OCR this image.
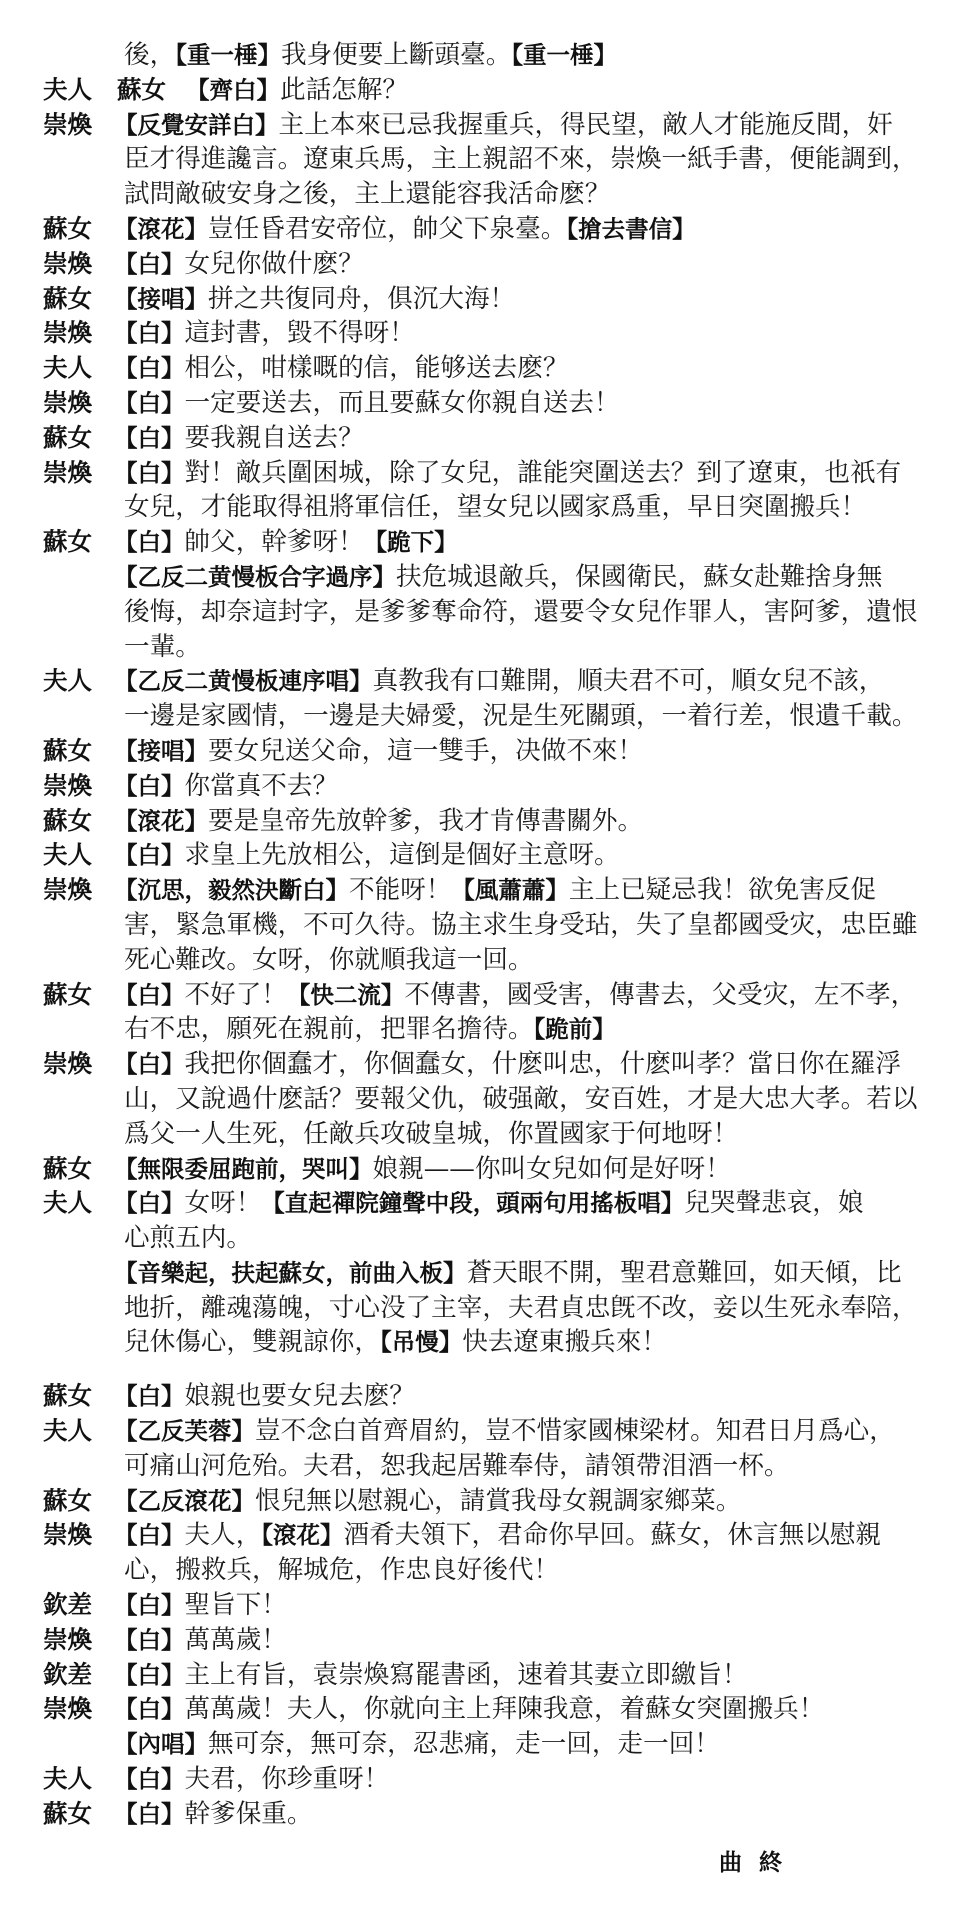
後，【重一棰】我身便要上斷頭臺。【重一棰】
夫人 蘇女 【齊白】此話怎解？
崇煥 【反覺安詳白】主上本來已忌我握重兵，得民望，敵人才能施反間，奸
臣才得進讒言。遼東兵馬，主上親詔不來，崇煥一紙手書，便能調到，
試問敵破安身之後，主上還能容我活命麽？
蘇女 【滾花】豈任昏君安帝位，帥父下泉臺。【搶去書信】
崇煥 【白】女兒你做什麽？
蘇女 【接唱】拼之共復同舟，俱沉大海！
崇煥 【白】這封書，毀不得呀！
夫人 【白】相公，咁樣嘅的信，能够送去麽？
崇煥 【白】一定要送去，而且要蘇女你親自送去！
蘇女 【白】要我親自送去？
崇煥 【白】對！敵兵圍困城，除了女兒，誰能突圍送去？到了遼東，也祇有
女兒，才能取得祖將軍信任，望女兒以國家爲重，早日突圍搬兵！
蘇女 【白】帥父，幹爹呀！【跪下】
【乙反二黄慢板合字過序】扶危城退敵兵，保國衛民，蘇女赴難捨身無
後悔，却奈這封字，是爹爹奪命符，還要令女兒作罪人，害阿爹，遺恨
一輩。
夫人 【乙反二黄慢板連序唱】真教我有口難開，順夫君不可，順女兒不該，
一邊是家國情，一邊是夫婦愛，況是生死關頭，一着行差，恨遺千載。
蘇女 【接唱】要女兒送父命，這一雙手，决做不來！
崇煥 【白】你當真不去？
蘇女 【滾花】要是皇帝先放幹爹，我才肯傳書關外。
夫人 【白】求皇上先放相公，這倒是個好主意呀。
崇煥 【沉思，毅然決斷白】不能呀！【風蕭蕭】主上已疑忌我！欲免害反促
害，緊急軍機，不可久待。協主求生身受玷，失了皇都國受灾，忠臣雖
死心難改。女呀，你就順我這一回。
蘇女 【白】不好了！【快二流】不傳書，國受害，傳書去，父受灾，左不孝，
右不忠，願死在親前，把罪名擔待。【跪前】
崇煥 【白】我把你個蠢才，你個蠢女，什麽叫忠，什麽叫孝？當日你在羅浮
山，又說過什麽話？要報父仇，破强敵，安百姓，才是大忠大孝。若以
爲父一人生死，任敵兵攻破皇城，你置國家于何地呀！
蘇女 【無限委屈跑前，哭叫】娘親——你叫女兒如何是好呀！
夫人 【白】女呀！【直起禪院鐘聲中段，頭兩句用搖板唱】兒哭聲悲哀，娘
心煎五内。
【音樂起，扶起蘇女，前曲入板】蒼天眼不開，聖君意難回，如天傾，比
地折，離魂蕩魄，寸心没了主宰，夫君貞忠旣不改，妾以生死永奉陪，
兒休傷心，雙親諒你，【吊慢】快去遼東搬兵來！
蘇女 【白】娘親也要女兒去麽？
夫人 【乙反芙蓉】豈不念白首齊眉約，豈不惜家國棟梁材。知君日月爲心，
可痛山河危殆。夫君，恕我起居難奉侍，請領帶泪酒一杯。
蘇女 【乙反滾花】恨兒無以慰親心，請賞我母女親調家鄉菜。
崇煥 【白】夫人，【滾花】酒肴夫領下，君命你早回。蘇女，休言無以慰親
心，搬救兵，解城危，作忠良好後代！
欽差 【白】聖旨下！
崇煥 【白】萬萬歲！
欽差 【白】主上有旨，袁崇煥寫罷書函，速着其妻立即繳旨！
崇煥 【白】萬萬歲！夫人，你就向主上拜陳我意，着蘇女突圍搬兵！
【內唱】無可奈，無可奈，忍悲痛，走一回，走一回！
夫人 【白】夫君，你珍重呀！
蘇女 【白】幹爹保重。
曲終
